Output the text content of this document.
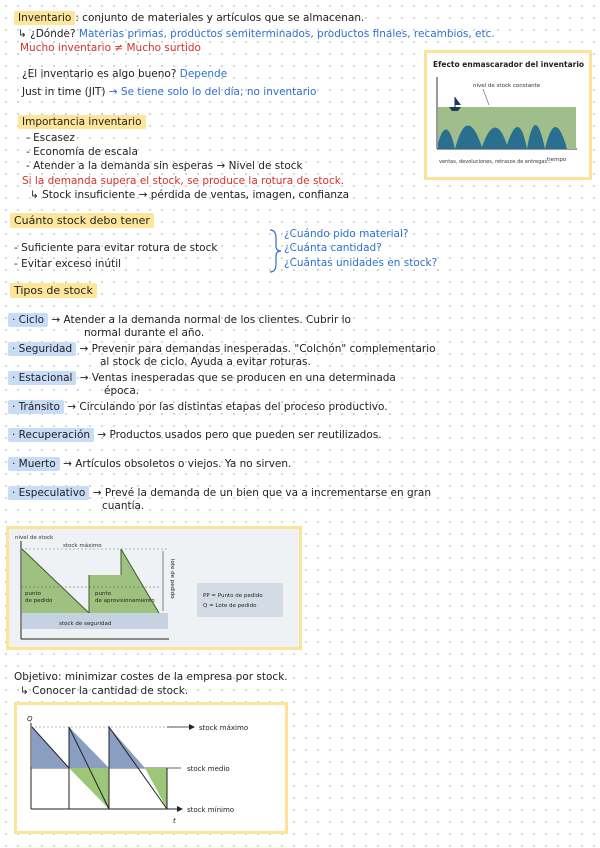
Inventario : conjunto de materiales y artículos que se almacenan.
↳ ¿Dónde? Materias primas, productos semiterminados, productos finales, recambios, etc.
Mucho inventario ≠ Mucho surtido
¿El inventario es algo bueno? Depende
Just in time (JIT) → Se tiene solo lo del día; no inventario
Efecto enmascarador del inventario
nivel de stock constante
tiempo
ventas, devoluciones, retrasos de entregas...
Importancia inventario
- Escasez
- Economía de escala
- Atender a la demanda sin esperas → Nivel de stock
Si la demanda supera el stock, se produce la rotura de stock.
↳ Stock insuficiente → pérdida de ventas, imagen, confianza
Cuánto stock debo tener
- Suficiente para evitar rotura de stock
- Evitar exceso inútil
¿Cuándo pido material?
¿Cuánta cantidad?
¿Cuántas unidades en stock?
Tipos de stock
· Ciclo → Atender a la demanda normal de los clientes. Cubrir lo
normal durante el año.
· Seguridad → Prevenir para demandas inesperadas. "Colchón" complementario
al stock de ciclo. Ayuda a evitar roturas.
· Estacional → Ventas inesperadas que se producen en una determinada
época.
· Tránsito → Circulando por las distintas etapas del proceso productivo.
· Recuperación → Productos usados pero que pueden ser reutilizados.
· Muerto → Artículos obsoletos o viejos. Ya no sirven.
· Especulativo → Prevé la demanda de un bien que va a incrementarse en gran
cuantía.
nivel de stock
stock máximo
punto
de pedido
punto
de aprovisionamiento
stock de seguridad
lote de pedido	PP = Punto de pedido
Q = Lote de pedido
Objetivo: minimizar costes de la empresa por stock.
↳ Conocer la cantidad de stock.
Q
stock máximo
stock medio
stock mínimo
t
